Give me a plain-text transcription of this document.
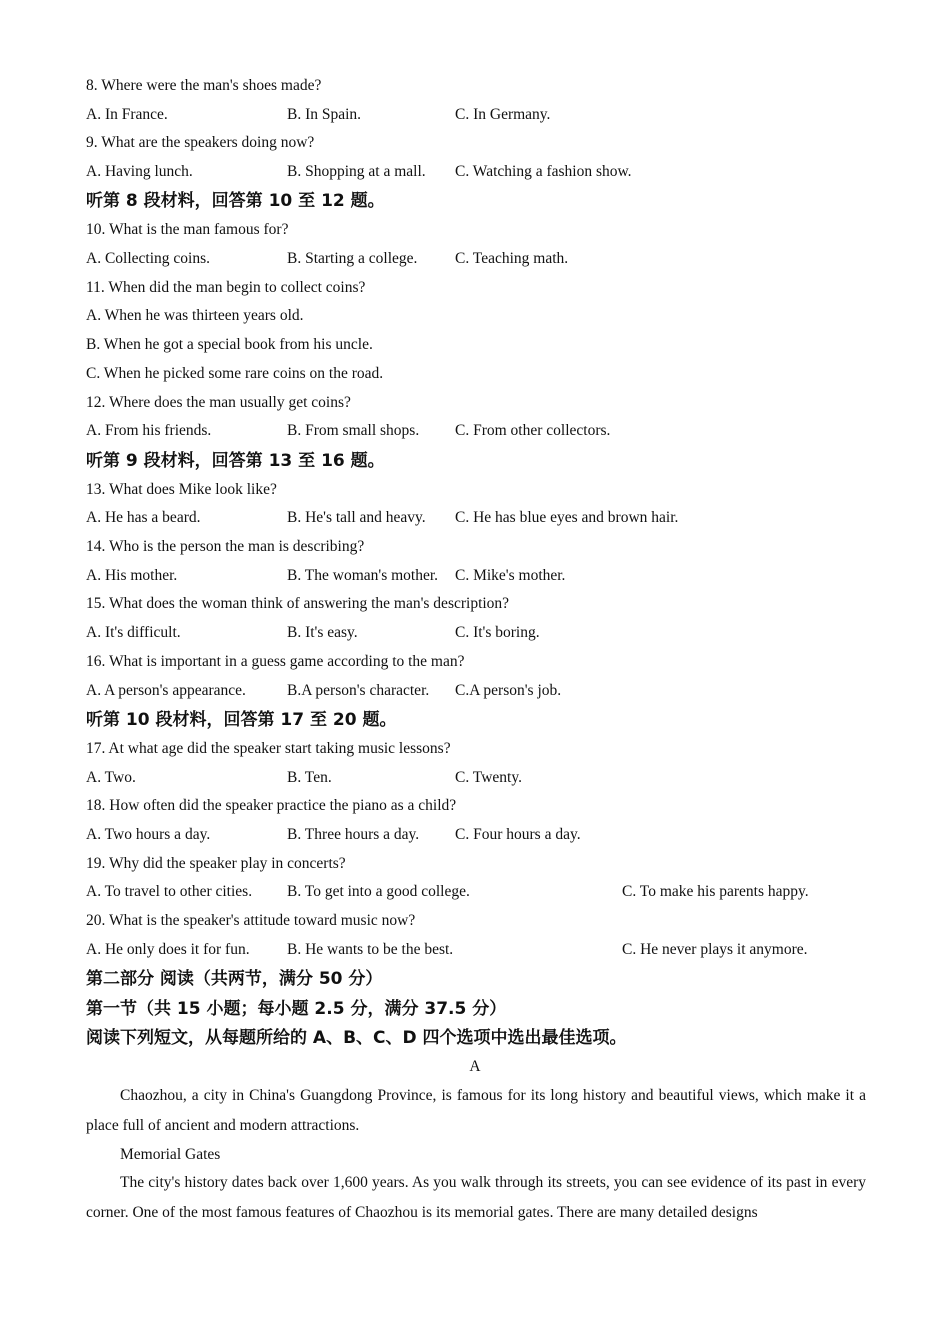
8. Where were the man's shoes made?
A. In France.	B. In Spain.	C. In Germany.
9. What are the speakers doing now?
A. Having lunch.	B. Shopping at a mall. C. Watching a fashion show.
听第 8 段材料，回答第 10 至 12 题。
10. What is the man famous for?
A. Collecting coins.	B. Starting a college. C. Teaching math.
11. When did the man begin to collect coins?
A. When he was thirteen years old.
B. When he got a special book from his uncle.
C. When he picked some rare coins on the road.
12. Where does the man usually get coins?
A. From his friends.	B. From small shops. C. From other collectors.
听第 9 段材料，回答第 13 至 16 题。
13. What does Mike look like?
A. He has a beard.	B. He's tall and heavy. C. He has blue eyes and brown hair.
14. Who is the person the man is describing?
A. His mother.	B. The woman's mother. C. Mike's mother.
15. What does the woman think of answering the man's description?
A. It's difficult.	B. It's easy.	C. It's boring.
16. What is important in a guess game according to the man?
A. A person's appearance.	B.A person's character. C.A person's job.
听第 10 段材料，回答第 17 至 20 题。
17. At what age did the speaker start taking music lessons?
A. Two.	B. Ten.	C. Twenty.
18. How often did the speaker practice the piano as a child?
A. Two hours a day.	B. Three hours a day. C. Four hours a day.
19. Why did the speaker play in concerts?
A. To travel to other cities. B. To get into a good college.	C. To make his parents happy.
20. What is the speaker's attitude toward music now?
A. He only does it for fun. B. He wants to be the best.	C. He never plays it anymore.
第二部分 阅读（共两节，满分 50 分）
第一节（共 15 小题；每小题 2.5 分，满分 37.5 分）
阅读下列短文，从每题所给的 A、B、C、D 四个选项中选出最佳选项。
A
Chaozhou, a city in China's Guangdong Province, is famous for its long history and beautiful views, which make it a place full of ancient and modern attractions.
Memorial Gates
The city's history dates back over 1,600 years. As you walk through its streets, you can see evidence of its past in every corner. One of the most famous features of Chaozhou is its memorial gates. There are many detailed designs
